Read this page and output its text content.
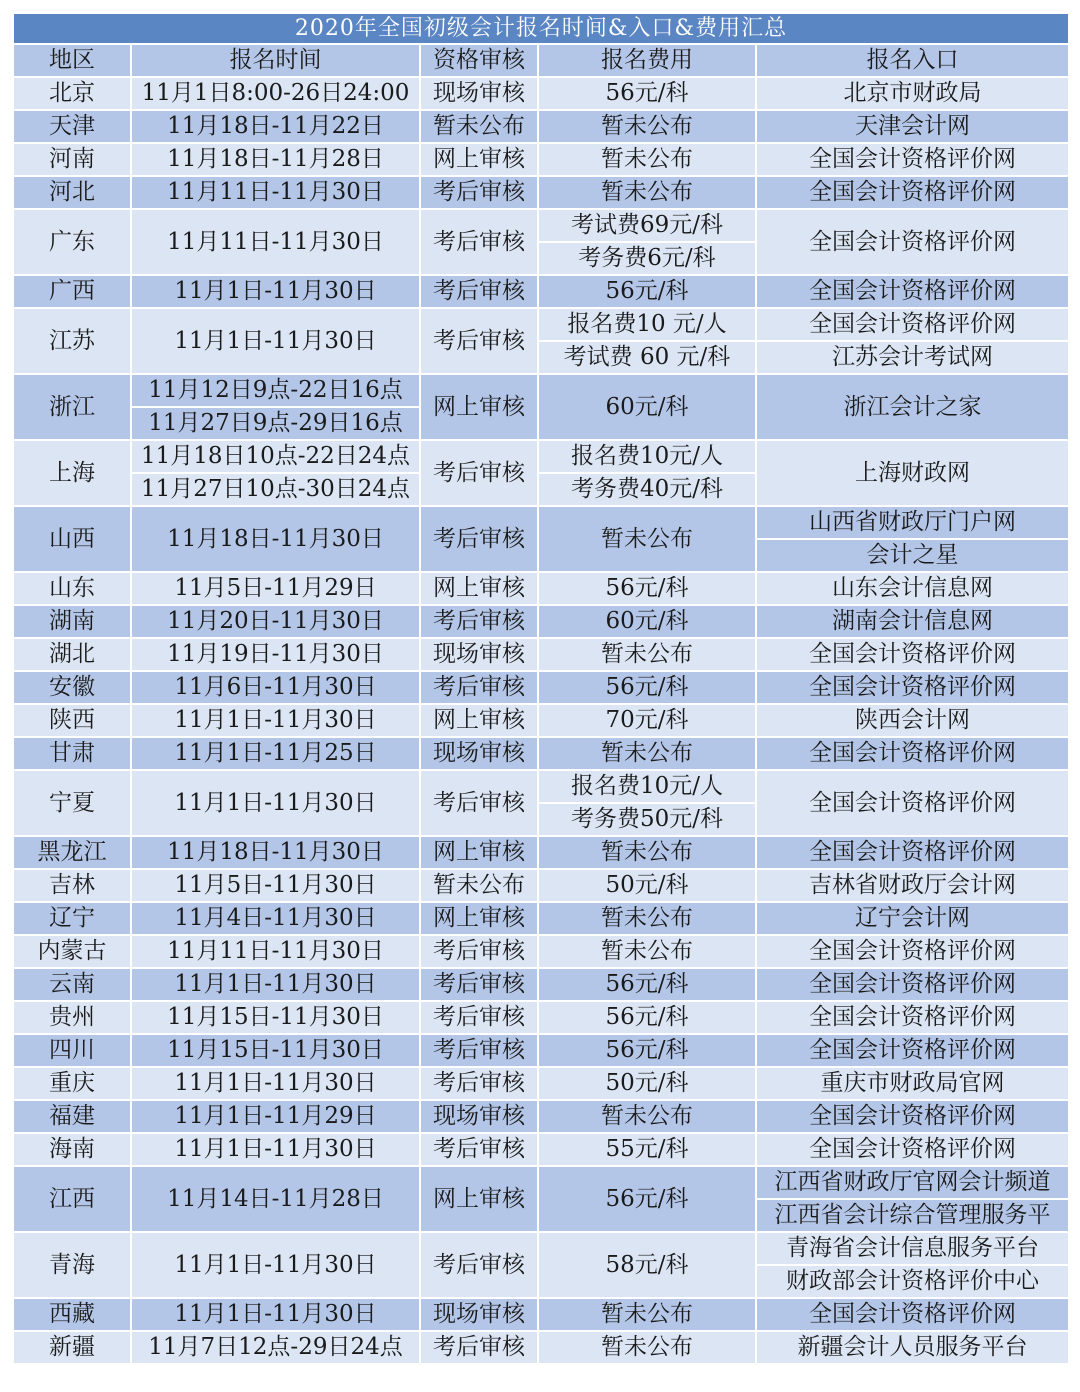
2020年全国初级会计报名时间&入口&费用汇总				
地区	报名时间	资格审核	报名费用	报名入口
北京	11月1日8:00-26日24:00	现场审核	56元/科	北京市财政局
天津	11月18日-11月22日	暂未公布	暂未公布	天津会计网
河南	11月18日-11月28日	网上审核	暂未公布	全国会计资格评价网
河北	11月11日-11月30日	考后审核	暂未公布	全国会计资格评价网
广东	11月11日-11月30日	考后审核	考试费69元/科	全国会计资格评价网
			考务费6元/科	
广西	11月1日-11月30日	考后审核	56元/科	全国会计资格评价网
江苏	11月1日-11月30日	考后审核	报名费10 元/人	全国会计资格评价网
			考试费 60 元/科	江苏会计考试网
浙江	11月12日9点-22日16点	网上审核	60元/科	浙江会计之家
	11月27日9点-29日16点			
上海	11月18日10点-22日24点	考后审核	报名费10元/人	上海财政网
	11月27日10点-30日24点		考务费40元/科	
山西	11月18日-11月30日	考后审核	暂未公布	山西省财政厅门户网
				会计之星
山东	11月5日-11月29日	网上审核	56元/科	山东会计信息网
湖南	11月20日-11月30日	考后审核	60元/科	湖南会计信息网
湖北	11月19日-11月30日	现场审核	暂未公布	全国会计资格评价网
安徽	11月6日-11月30日	考后审核	56元/科	全国会计资格评价网
陕西	11月1日-11月30日	网上审核	70元/科	陕西会计网
甘肃	11月1日-11月25日	现场审核	暂未公布	全国会计资格评价网
宁夏	11月1日-11月30日	考后审核	报名费10元/人	全国会计资格评价网
			考务费50元/科	
黑龙江	11月18日-11月30日	网上审核	暂未公布	全国会计资格评价网
吉林	11月5日-11月30日	暂未公布	50元/科	吉林省财政厅会计网
辽宁	11月4日-11月30日	网上审核	暂未公布	辽宁会计网
内蒙古	11月11日-11月30日	考后审核	暂未公布	全国会计资格评价网
云南	11月1日-11月30日	考后审核	56元/科	全国会计资格评价网
贵州	11月15日-11月30日	考后审核	56元/科	全国会计资格评价网
四川	11月15日-11月30日	考后审核	56元/科	全国会计资格评价网
重庆	11月1日-11月30日	考后审核	50元/科	重庆市财政局官网
福建	11月1日-11月29日	现场审核	暂未公布	全国会计资格评价网
海南	11月1日-11月30日	考后审核	55元/科	全国会计资格评价网
江西	11月14日-11月28日	网上审核	56元/科	江西省财政厅官网会计频道
				江西省会计综合管理服务平
青海	11月1日-11月30日	考后审核	58元/科	青海省会计信息服务平台
				财政部会计资格评价中心
西藏	11月1日-11月30日	现场审核	暂未公布	全国会计资格评价网
新疆	11月7日12点-29日24点	考后审核	暂未公布	新疆会计人员服务平台
